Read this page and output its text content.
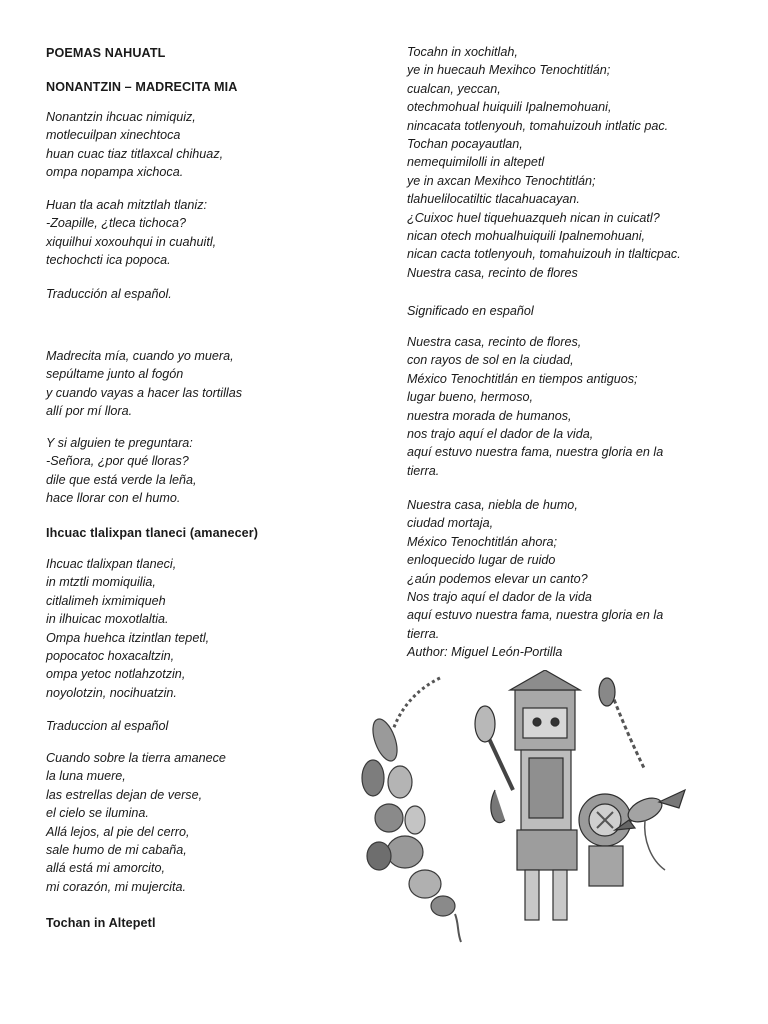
POEMAS NAHUATL
NONANTZIN – MADRECITA MIA
Nonantzin ihcuac nimiquiz,
motlecuilpan xinechtoca
huan cuac tiaz titlaxcal chihuaz,
ompa nopampa xichoca.
Huan tla acah mitztlah tlaniz:
-Zoapille, ¿tleca tichoca?
xiquilhui xoxouhqui in cuahuitl,
techochcti ica popoca.
Traducción al español.
Madrecita mía, cuando yo muera,
sepúltame junto al fogón
y cuando vayas a hacer las tortillas
allí por mí llora.
Y si alguien te preguntara:
-Señora, ¿por qué lloras?
dile que está verde la leña,
hace llorar con el humo.
Ihcuac tlalixpan tlaneci (amanecer)
Ihcuac tlalixpan tlaneci,
in mtztli momiquilia,
citlalimeh ixmimiqueh
in ilhuicac moxotlaltia.
Ompa huehca itzintlan tepetl,
popocatoc hoxacaltzin,
ompa yetoc notlahzotzin,
noyolotzin, nocihuatzin.
Traduccion al español
Cuando sobre la tierra amanece
la luna muere,
las estrellas dejan de verse,
el cielo se ilumina.
Allá lejos, al pie del cerro,
sale humo de mi cabaña,
allá está mi amorcito,
mi corazón, mi mujercita.
Tochan in Altepetl
Tocahn in xochitlah,
ye in huecauh Mexihco Tenochtitlán;
cualcan, yeccan,
otechmohual huiquili Ipalnemohuani,
nincacata totlenyouh, tomahuizouh intlatic pac.
Tochan pocayautlan,
nemequimilolli in altepetl
ye in axcan Mexihco Tenochtitlán;
tlahuelilocatiltic tlacahuacayan.
¿Cuixoc huel tiquehuazqueh nican in cuicatl?
nican otech mohualhuiquili Ipalnemohuani,
nican cacta totlenyouh, tomahuizouh in tlalticpac.
Nuestra casa, recinto de flores
Significado en español
Nuestra casa, recinto de flores,
con rayos de sol en la ciudad,
México Tenochtitlán en tiempos antiguos;
lugar bueno, hermoso,
nuestra morada de humanos,
nos trajo aquí el dador de la vida,
aquí estuvo nuestra fama, nuestra gloria en la
tierra.
Nuestra casa, niebla de humo,
ciudad mortaja,
México Tenochtitlán ahora;
enloquecido lugar de ruido
¿aún podemos elevar un canto?
Nos trajo aquí el dador de la vida
aquí estuvo nuestra fama, nuestra gloria en la
tierra.
Author: Miguel León-Portilla
